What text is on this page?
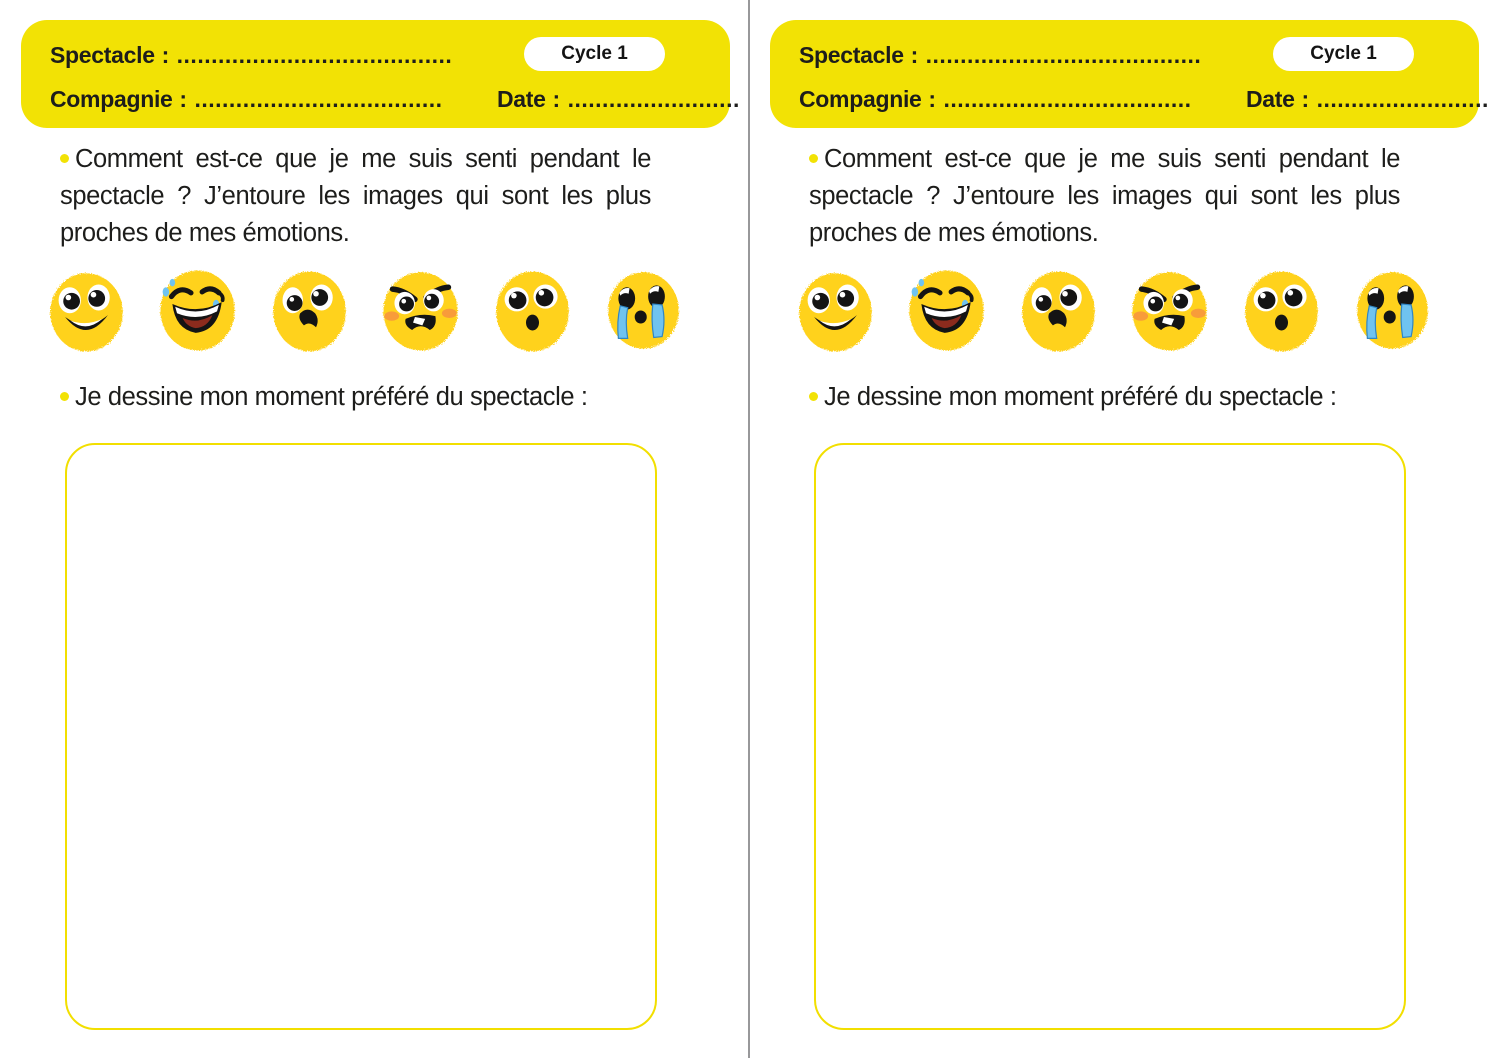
Spectacle : ........................................	Cycle 1
Compagnie : .................................... Date : .........................
Comment est-ce que je me suis senti pendant le
spectacle ? J’entoure les images qui sont les plus
proches de mes émotions.
Je dessine mon moment préféré du spectacle :
Spectacle : ........................................	Cycle 1
Compagnie : .................................... Date : .........................
Comment est-ce que je me suis senti pendant le
spectacle ? J’entoure les images qui sont les plus
proches de mes émotions.
Je dessine mon moment préféré du spectacle :
